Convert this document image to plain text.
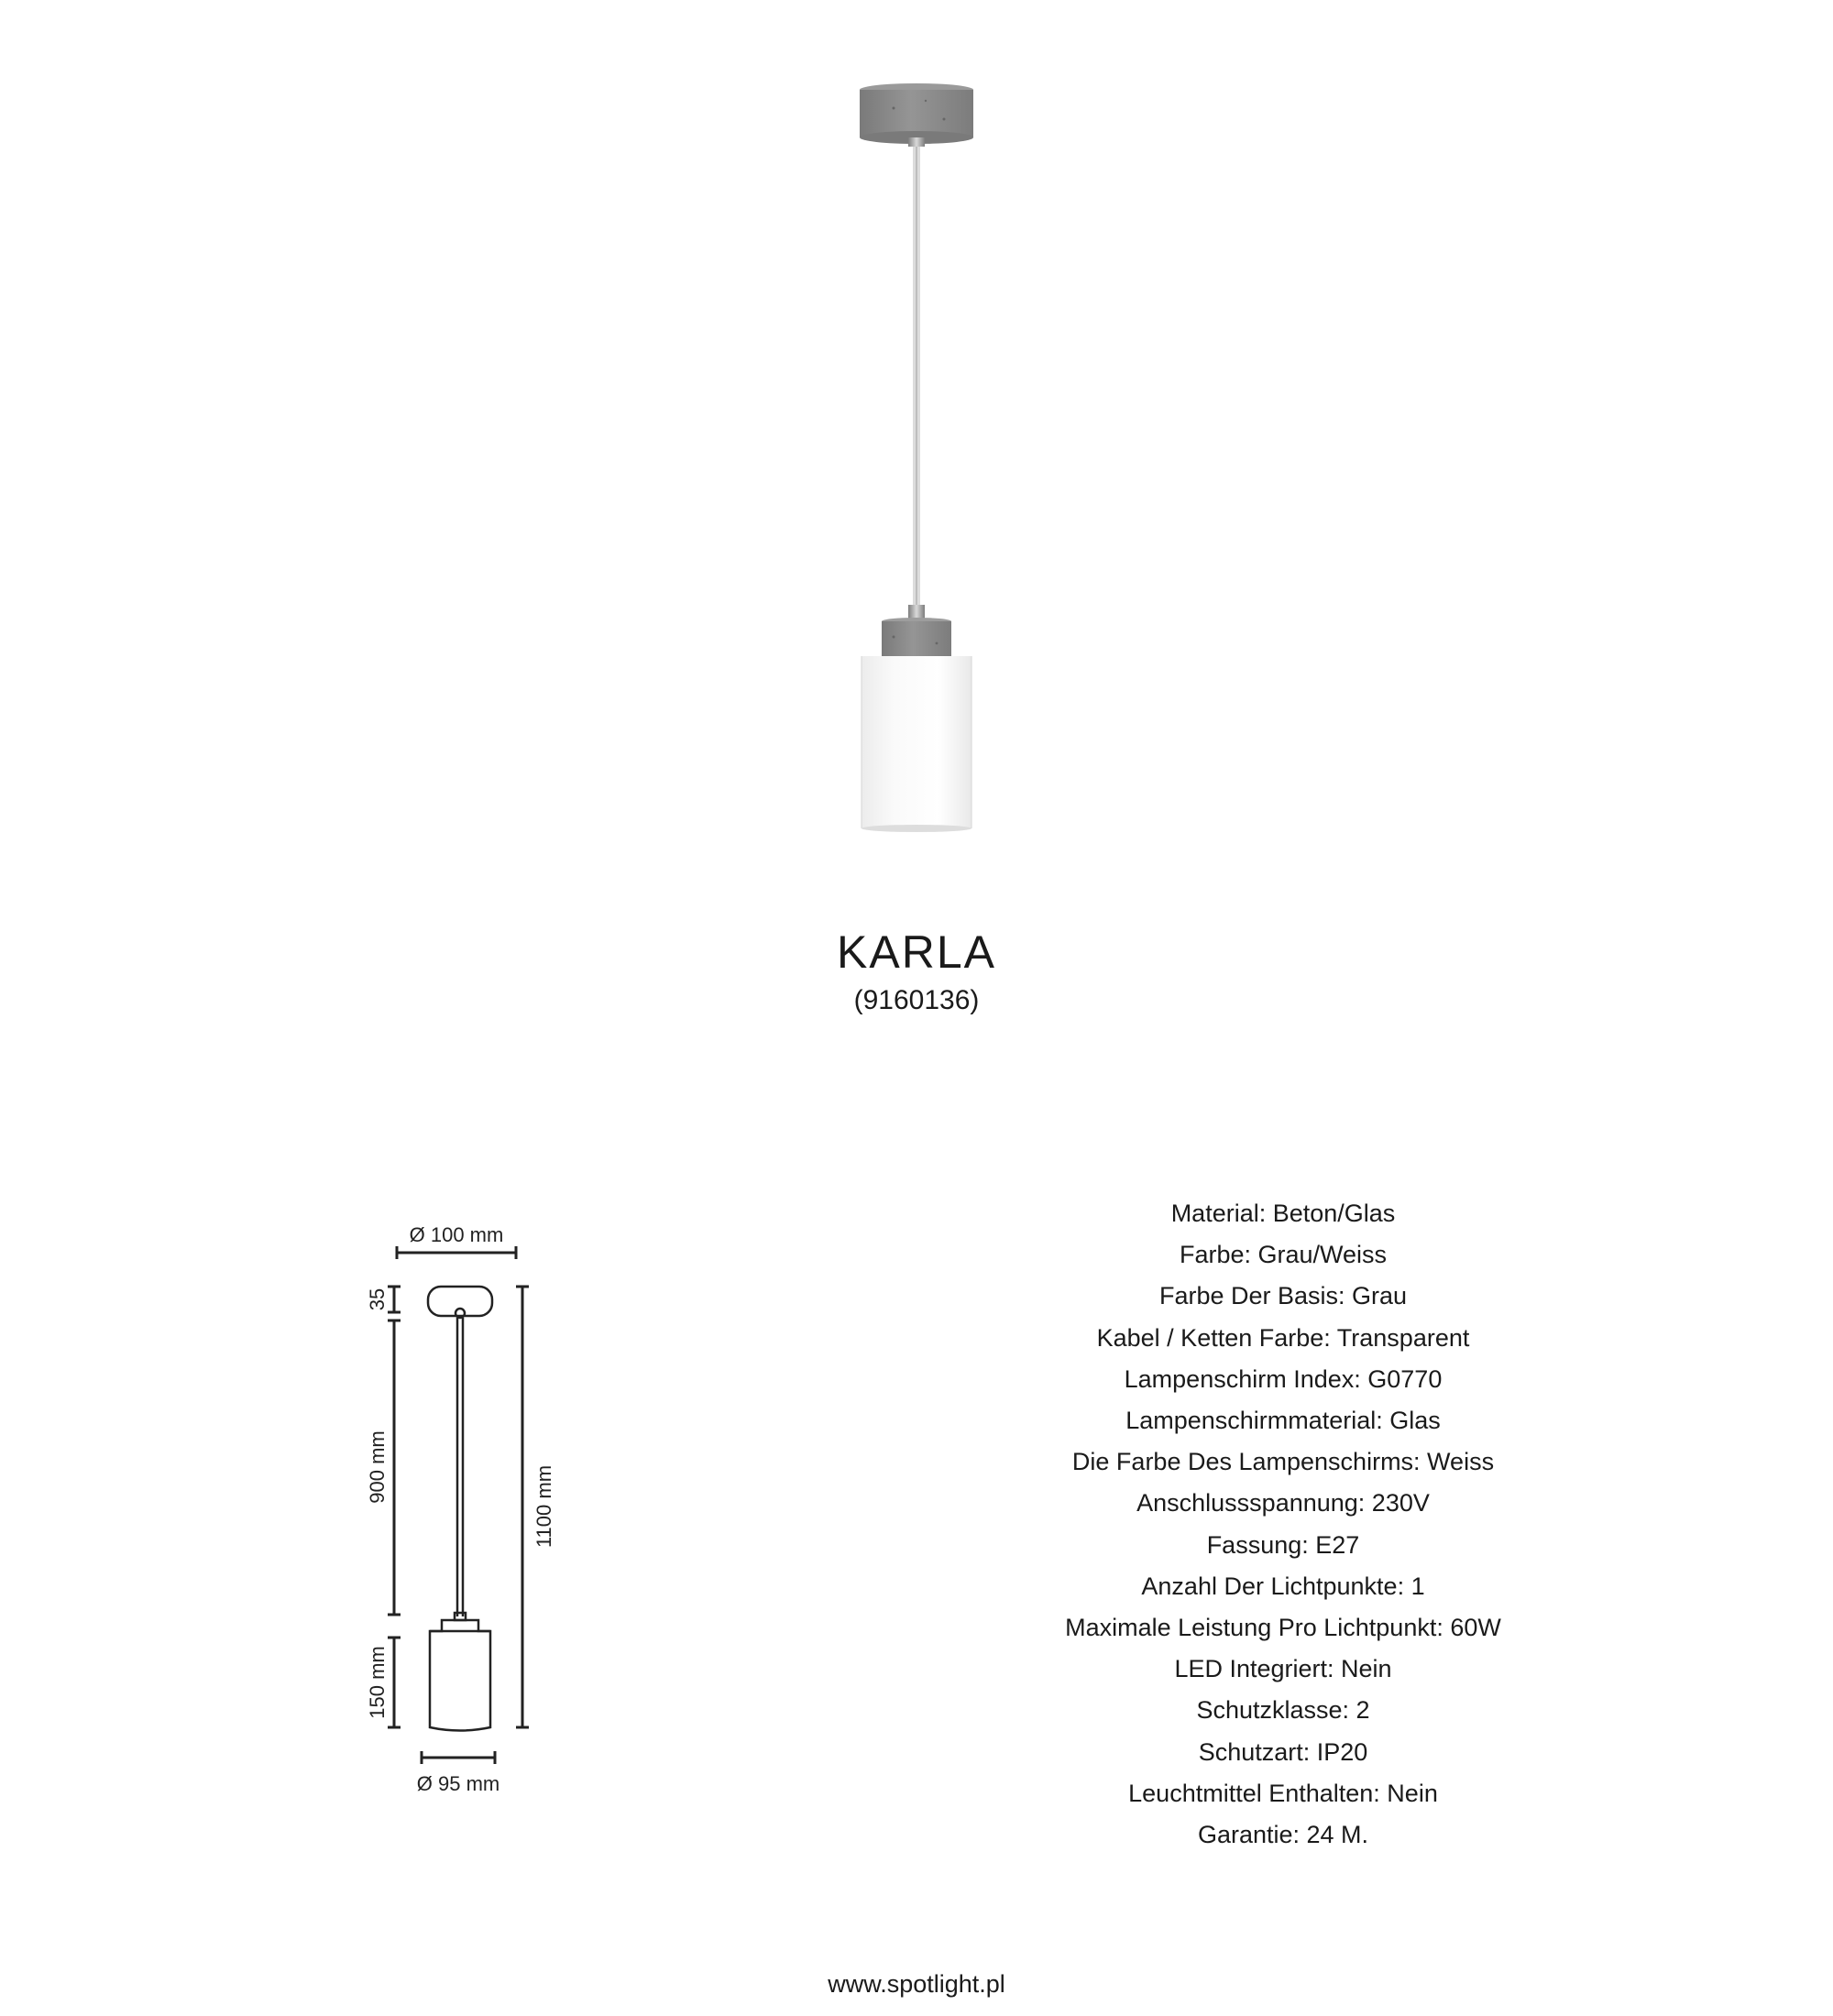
KARLA
(9160136)
Ø 100 mm
35
900 mm
150 mm
1100 mm
Ø 95 mm
Material: Beton/Glas
Farbe: Grau/Weiss
Farbe Der Basis: Grau
Kabel / Ketten Farbe: Transparent
Lampenschirm Index: G0770
Lampenschirmmaterial: Glas
Die Farbe Des Lampenschirms: Weiss
Anschlussspannung: 230V
Fassung: E27
Anzahl Der Lichtpunkte: 1
Maximale Leistung Pro Lichtpunkt: 60W
LED Integriert: Nein
Schutzklasse: 2
Schutzart: IP20
Leuchtmittel Enthalten: Nein
Garantie: 24 M.
www.spotlight.pl
